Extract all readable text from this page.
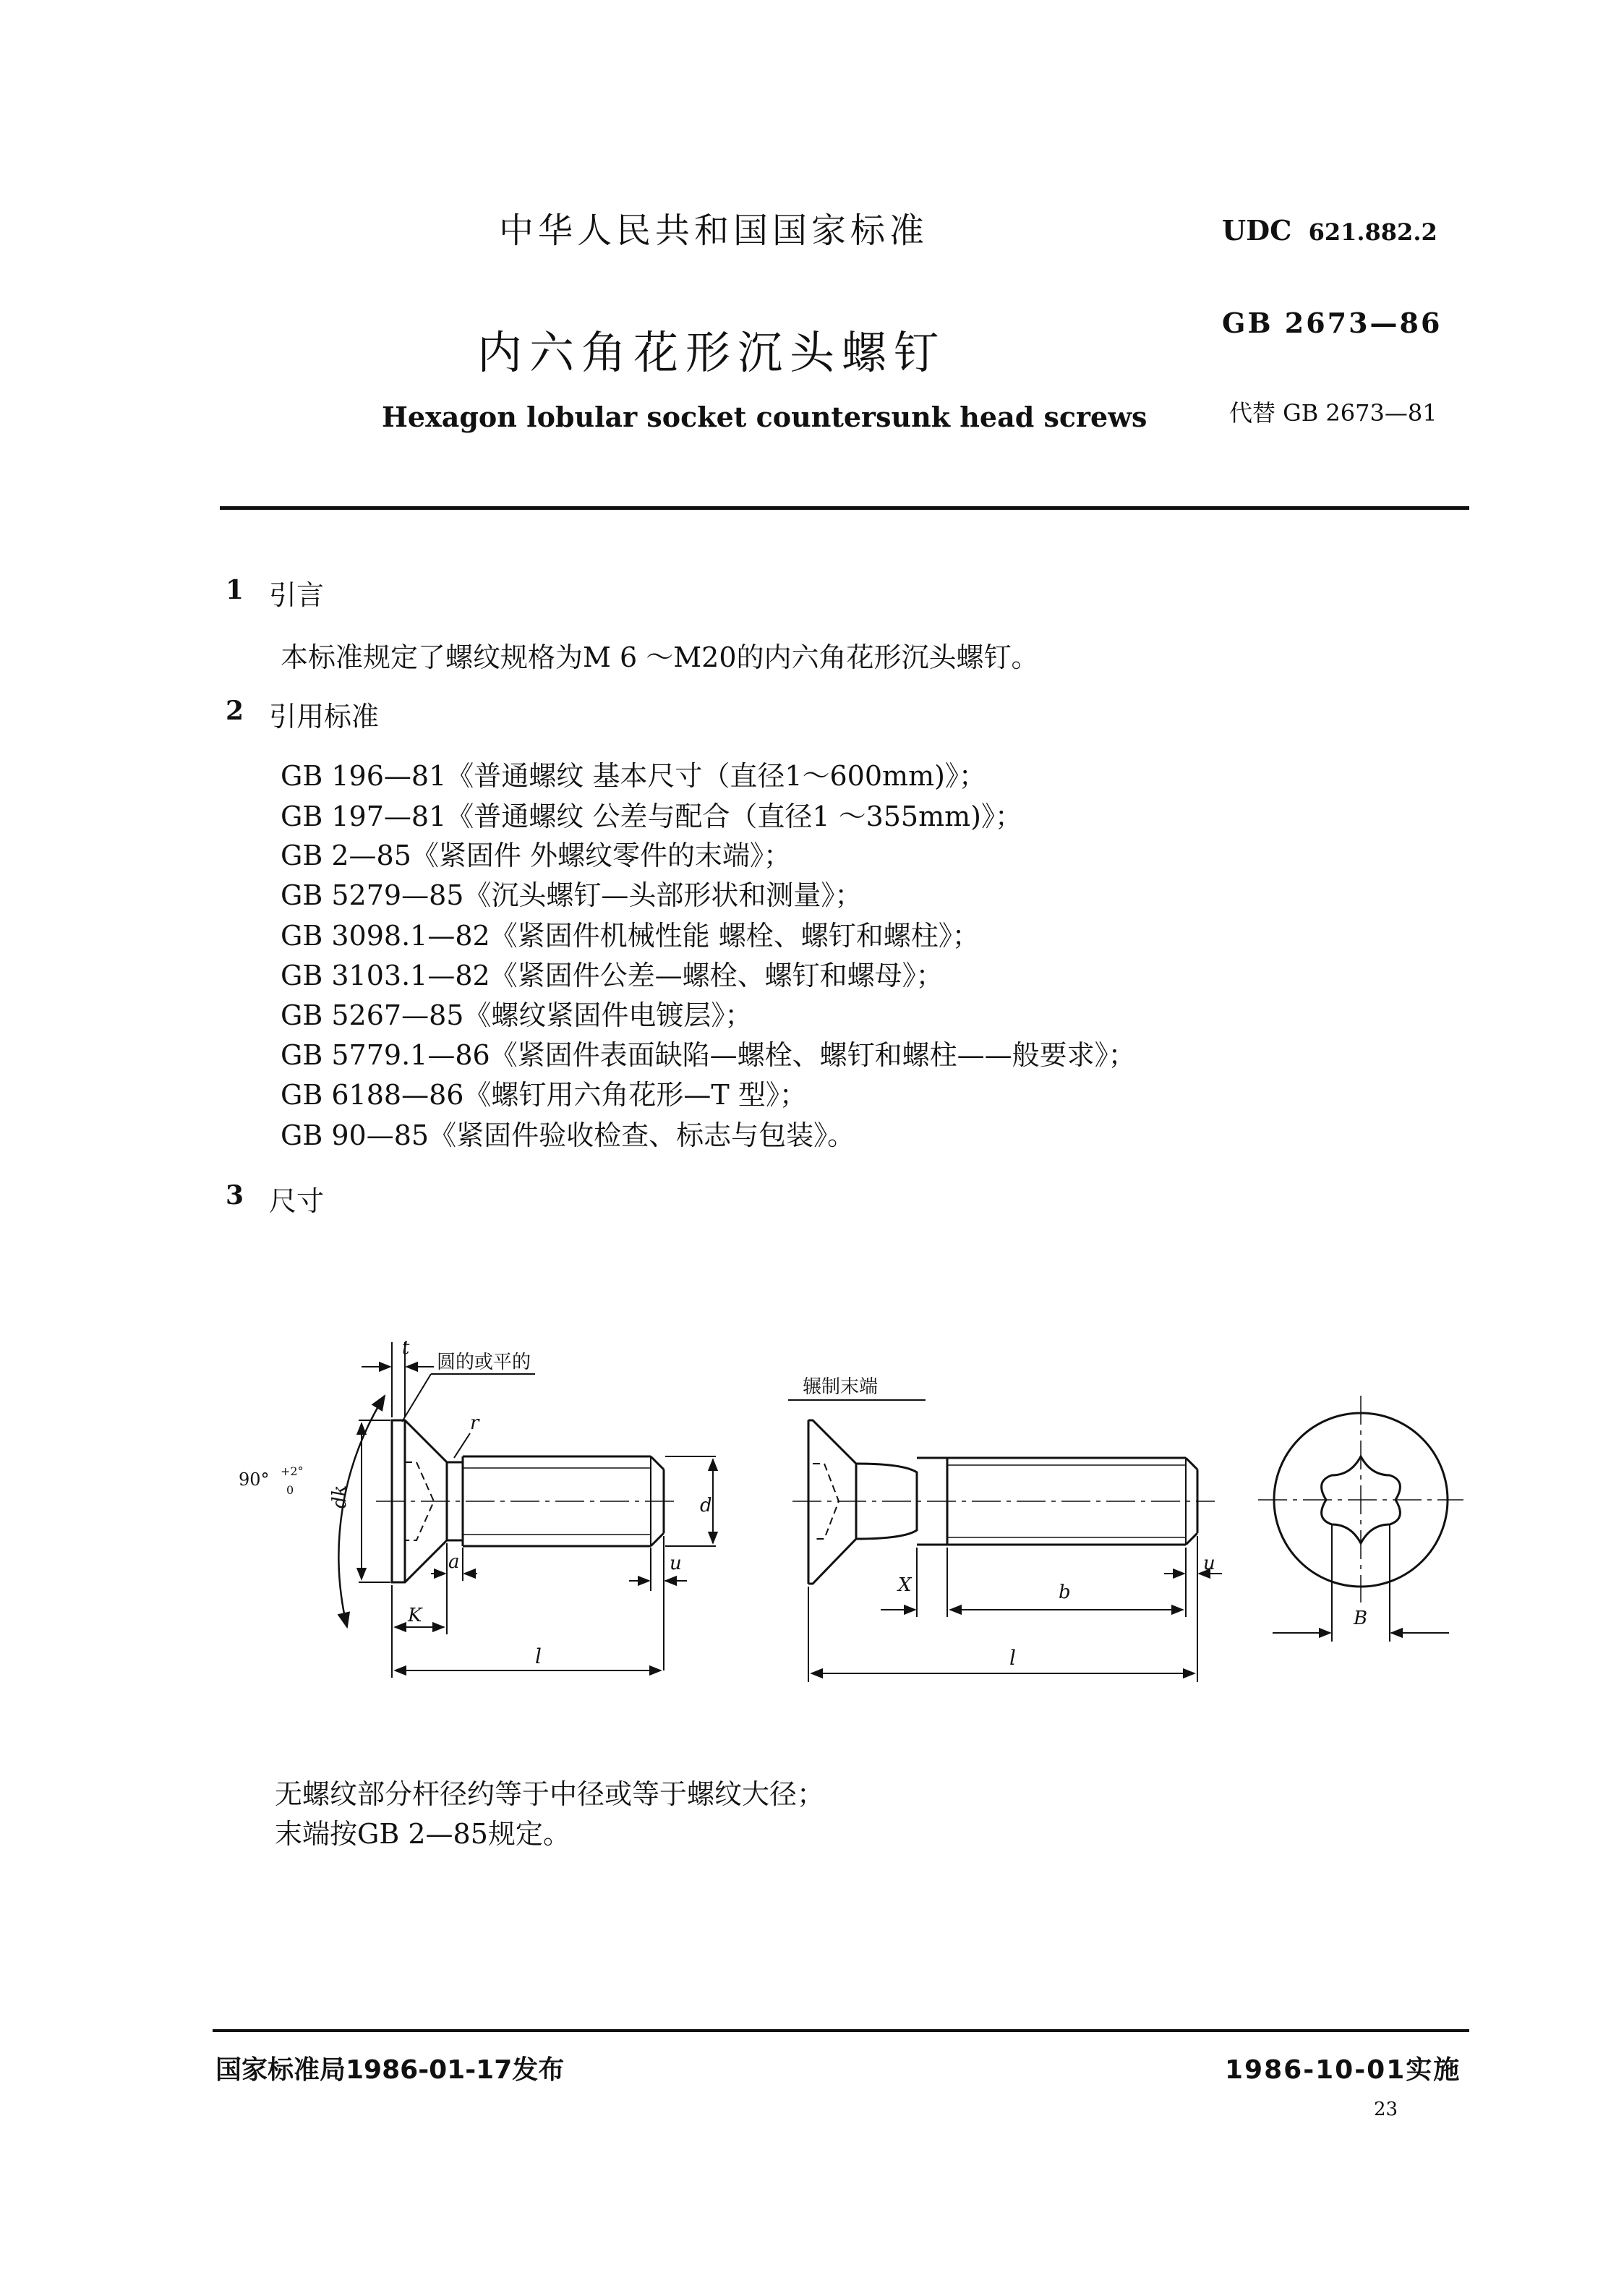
中华人民共和国国家标准	UDC 621.882.2
内六角花形沉头螺钉
GB 2673—86
Hexagon lobular socket countersunk head screws	代替 GB 2673—81
1 引言
本标准规定了螺纹规格为M 6 ～M20的内六角花形沉头螺钉。
2 引用标准
GB 196—81《普通螺纹 基本尺寸（直径1～600mm)》；
GB 197—81《普通螺纹 公差与配合（直径1 ～355mm)》；
GB 2—85《紧固件 外螺纹零件的末端》；
GB 5279—85《沉头螺钉—头部形状和测量》；
GB 3098.1—82《紧固件机械性能 螺栓、螺钉和螺柱》；
GB 3103.1—82《紧固件公差—螺栓、螺钉和螺母》；
GB 5267—85《螺纹紧固件电镀层》；
GB 5779.1—86《紧固件表面缺陷—螺栓、螺钉和螺柱——般要求》；
GB 6188—86《螺钉用六角花形—T 型》；
GB 90—85《紧固件验收检查、标志与包装》。
3 尺寸
圆的或平的
辗制末端
t
r
dk	d
a	u
K
l
90° +2°
0
X	b
u
l
B
无螺纹部分杆径约等于中径或等于螺纹大径；
末端按GB 2—85规定。
国家标准局1986-01-17发布	1986-10-01实施
23
